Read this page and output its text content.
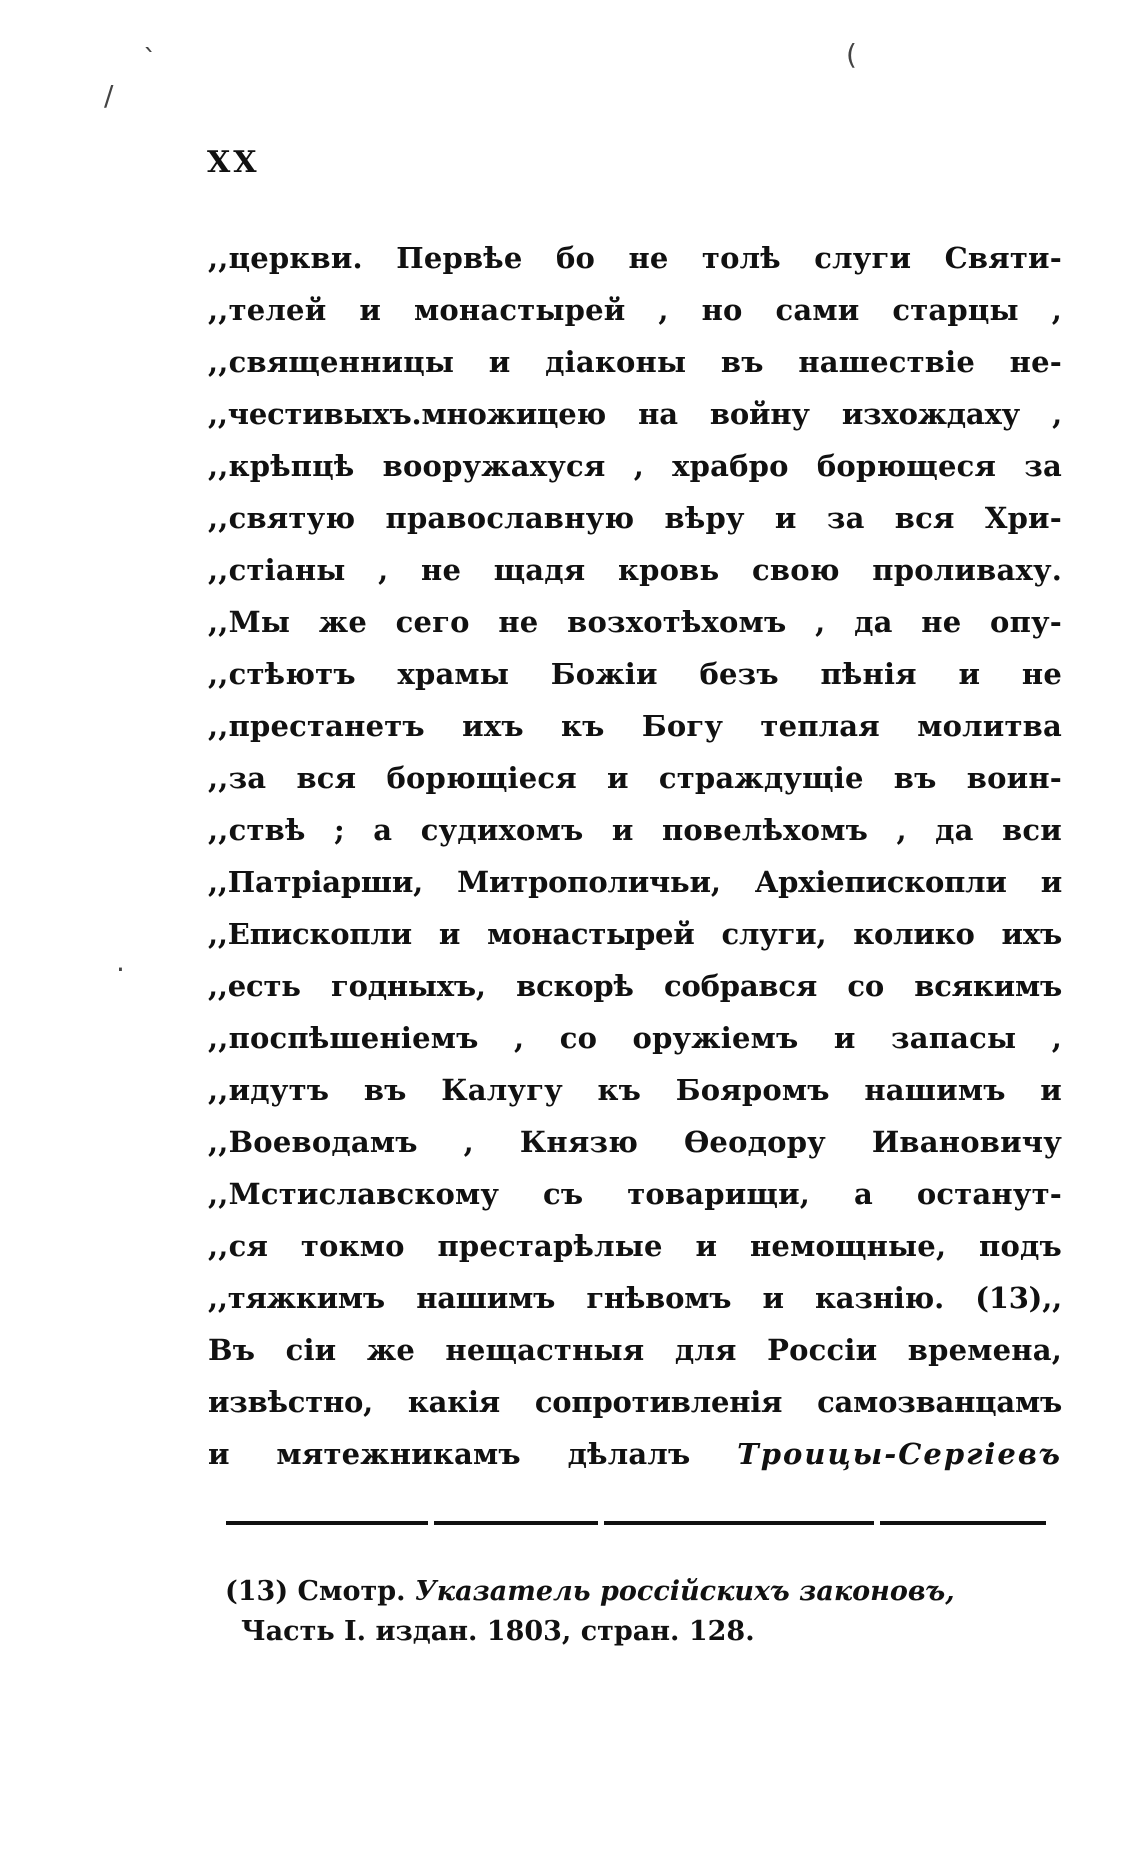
ˋ	(
/
.
XX
,,церкви. Первѣе бо не толѣ слуги Святи-
,,телей и монастырей , но сами старцы ,
,,священницы и діаконы въ нашествіе не-
,,честивыхъ.множицею на войну изхождаху ,
,,крѣпцѣ вооружахуся , храбро борющеся за
,,святую православную вѣру и за вся Хри-
,,стіаны , не щадя кровь свою проливаху.
,,Мы же сего не возхотѣхомъ , да не опу-
,,стѣютъ храмы Божіи безъ пѣнія и не
,,престанетъ ихъ къ Богу теплая молитва
,,за вся борющіеся и страждущіе въ воин-
,,ствѣ ; а судихомъ и повелѣхомъ , да вси
,,Патріарши, Митрополичьи, Архіепископли и
,,Епископли и монастырей слуги, колико ихъ
,,есть годныхъ, вскорѣ собрався со всякимъ
,,поспѣшеніемъ , со оружіемъ и запасы ,
,,идутъ въ Калугу къ Бояромъ нашимъ и
,,Воеводамъ , Князю Ѳеодору Ивановичу
,,Мстиславскому съ товарищи, а останут-
,,ся токмо престарѣлые и немощные, подъ
,,тяжкимъ нашимъ гнѣвомъ и казнію. (13),,
Въ сіи же нещастныя для Россіи времена,
извѣстно, какія сопротивленія самозванцамъ
и мятежникамъ дѣлалъ Троицы-Сергіевъ
(13) Смотр. Указатель россійскихъ законовъ,
Часть I. издан. 1803, стран. 128.
